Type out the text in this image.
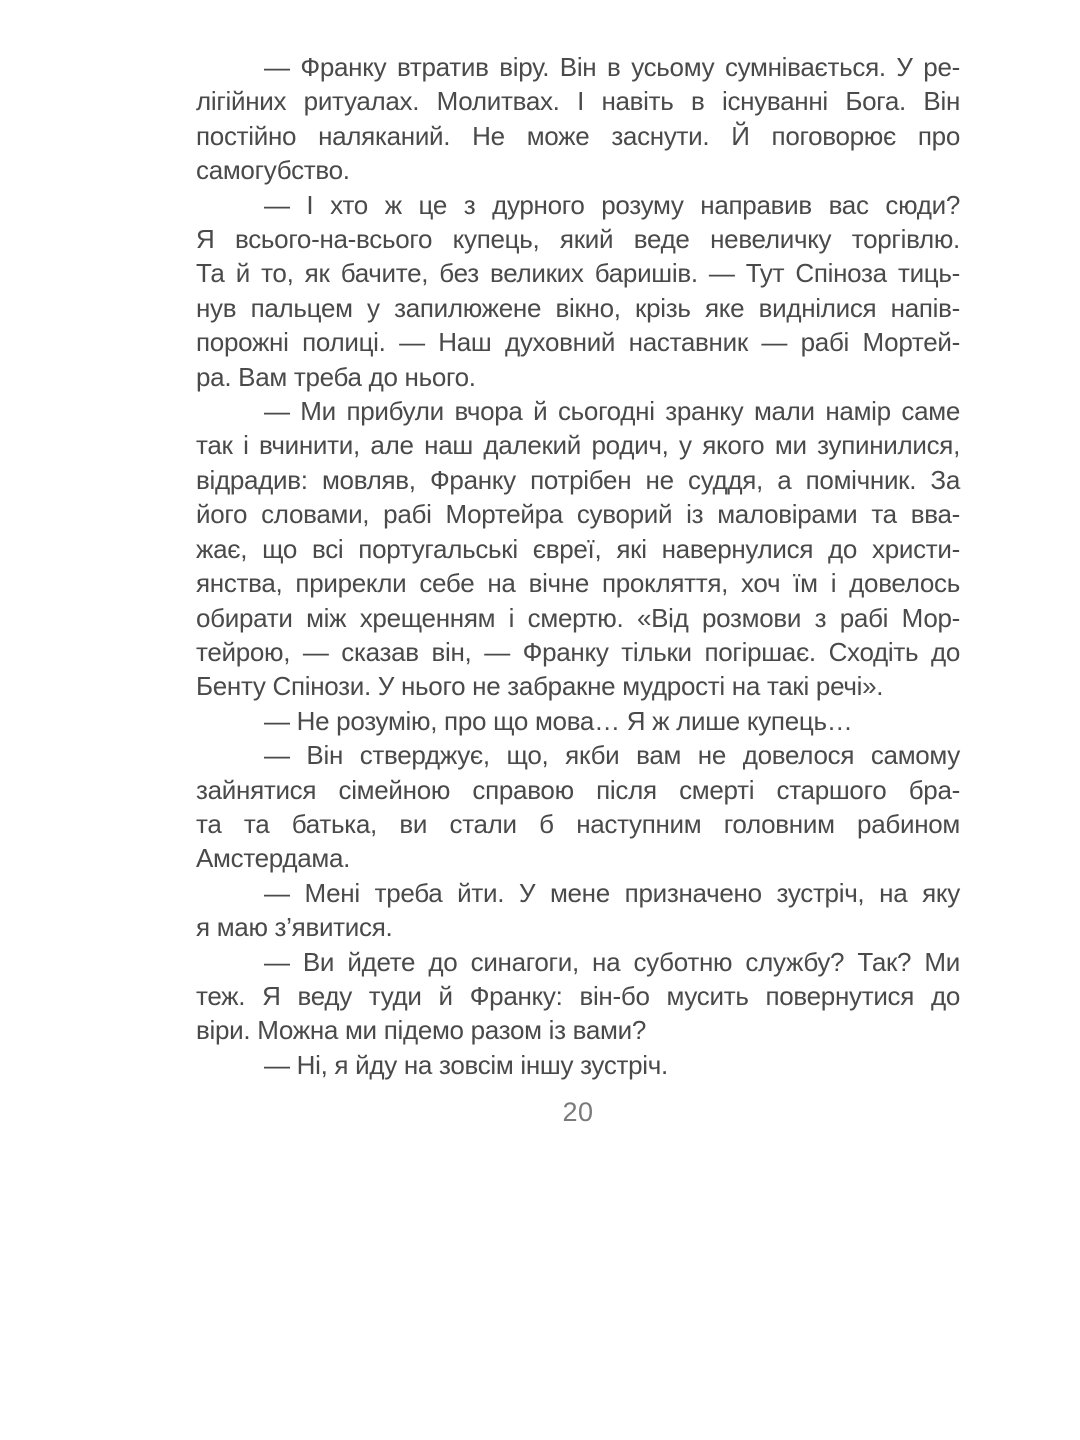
— Франку втратив віру. Він в усьому сумнівається. У ре-
лігійних ритуалах. Молитвах. І навіть в існуванні Бога. Він
постійно наляканий. Не може заснути. Й поговорює про
самогубство.
— І хто ж це з дурного розуму направив вас сюди?
Я всього-на-всього купець, який веде невеличку торгівлю.
Та й то, як бачите, без великих баришів. — Тут Спіноза тиць-
нув пальцем у запилюжене вікно, крізь яке виднілися напів-
порожні полиці. — Наш духовний наставник — рабі Мортей-
ра. Вам треба до нього.
— Ми прибули вчора й сьогодні зранку мали намір саме
так і вчинити, але наш далекий родич, у якого ми зупинилися,
відрадив: мовляв, Франку потрібен не суддя, а помічник. За
його словами, рабі Мортейра суворий із маловірами та вва-
жає, що всі португальські євреї, які навернулися до христи-
янства, прирекли себе на вічне прокляття, хоч їм і довелось
обирати між хрещенням і смертю. «Від розмови з рабі Мор-
тейрою, — сказав він, — Франку тільки погіршає. Сходіть до
Бенту Спінози. У нього не забракне мудрості на такі речі».
— Не розумію, про що мова… Я ж лише купець…
— Він стверджує, що, якби вам не довелося самому
зайнятися сімейною справою після смерті старшого бра-
та та батька, ви стали б наступним головним рабином
Амстердама.
— Мені треба йти. У мене призначено зустріч, на яку
я маю з’явитися.
— Ви йдете до синагоги, на суботню службу? Так? Ми
теж. Я веду туди й Франку: він-бо мусить повернутися до
віри. Можна ми підемо разом із вами?
— Ні, я йду на зовсім іншу зустріч.
20
